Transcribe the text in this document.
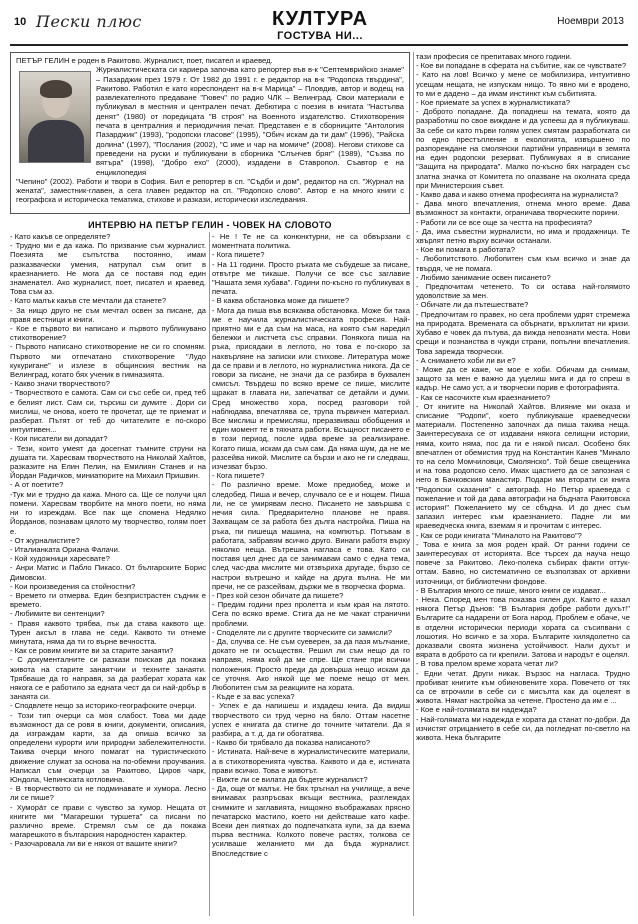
10 Пески плюс	КУЛТУРА
ГОСТУВА НИ...
Ноември 2013
ПЕТЪР ГЕЛИН е роден в Ракитово. Журналист, поет, писател и краевед.
Журналистическата си кариера започва като репортер във в-к "Септемврийско знаме" – Пазарджик през 1979 г. От 1982 до 1991 г. е редактор на в-к "Родопска твърдина", Ракитово. Работил е като кореспондент на в-к Марица" – Пловдив, автор и водещ на развлекателното предаване "Гювеч" по радио ЧЛК – Велинград. Свои материали е публикувал в местния и централен печат. Дебютира с поезия в книгата "Настъпва денят" (1980) от поредицата "В строя" на Военното издателство. Стихотворения печата в централния и периодичния печат. Представен е в сборниците "Антология Пазарджик" (1993), "родопски гласове" (1995), "Обич искам да ти дам" (1996), "Райска долина" (1997), "Послания (2002), "С име и чар на момиче" (2008). Негови стихове са преведени на руски и публикувани в сборника "Слънчев бряг" (1989), "Съзва по вятъра" (1998), "Добро ехо" (2000), издадени в Ставропол. Съавтор е на енциклопедия
"Чепино" (2002). Работи и твори в София. Бил е репортер в сп. "Съдби и дом", редактор на сп. "Журнал на жената", заместник-главен, а сега главен редактор на сп. "Родопско слово". Автор е на много книги с географска и историческа тематика, стихове и разкази, исторически изследвания.
ИНТЕРВЮ НА ПЕТЪР ГЕЛИН - ЧОВЕК НА СЛОВОТО

- Като какъв се определяте?

- Трудно ми е да кажа. По призвание съм журналист. Поезията ме съпътства постоянно, имам разказвачески умения, натрупал съм опит в краезнанието. Не мога да се поставя под един знаменател. Ако журналист, поет, писател и краевед. Това съм аз.

- Като малък какъв сте мечтали да станете?

- За нищо друго не съм мечтал освен за писане, да правя вестници и книги.

- Кое е първото ви написано и първото публикувано стихотворение?

- Първото написано стихотворение не си го спомням. Първото ми отпечатано стихотворение "Лудо кукуригане" и излезе в общинския вестник на Велинград, когато бях ученик в гимназията.

- Какво значи творчеството?

- Творчеството е самота. Сам си със себе си, пред теб е белият лист. Сам си, търсиш си думите . Дори си мислиш, че онова, което те прочетат, ще те приемат и разберат. Пътят от теб до читателите е по-скоро интуитивен...

- Кои писатели ви допадат?

- Тези, които умеят да досегнат тъмните струни на душата ти. Харесвам творчеството на Николай Хайтов, разказите на Елин Пелин, на Емилиян Станев и на Йордан Радичков, миниатюрите на Михаил Пришвин.

- А от поетите?

-Тук ми е трудно да кажа. Много са. Ще се получи цял помени. Харесвам творбите на много поети, но няма ни го изреждам. Все пак ще спомена Недялко Йорданов, познавам цялото му творчество, голям поет е.

- От журналистите?

- Италианката Ориана Фалачи.

- Кой художници харесвате?

- Анри Матис и Пабло Пикасо. От българските Борис Димовски.

- Кои произведения са стойностни?

- Времето ги отмерва. Един безпристрастен съдник е времето.

- Любимите ви сентенции?

- Правя каквото трябва, пък да става каквото ще. Турен аксъл в глава не седи. Каквото ти отнеме минутата, няма да ти го върне вечността.

- Как се ровим книгите ви за старите занаяти?

- С документалните си разкази поискав да покажа живота на старите занаятчии и техните занаяти. Трябваше да го направя, за да разберат хората как някога се е работило за едната чест да си най-добър в занаята си.

- Сподвлете нещо за историко-географските очерци.

- Този тип очерци са моя слабост. Това ми даде възможност да се ровя в книги, документи, описания, да изграждам карти, за да опиша всичко за определени курорти или природни забележителности. Такива очерци много помагат на туристическото движение служат за основа на по-обемни проучвания. Написал съм очерци за Ракитово, Циров чарк, Юндола, Чепинската котловина.

- В творчеството си не подминавате и хумора. Лесно ли се пише?

- Хумора́т се прави с чувство за хумор. Нещата от книгите ми "Магарешки туршета" са писани по различно време. Стремял съм се да покажа магарешкото в българския народностен характер.

- Разочаровала ли ви е някоя от вашите книги?

- Не ! Те не са конюнктурни, не са обвързани с моментната политика.

- Кога пишете?

- На 11 години. Просто ръката ме събудеше за писане, отвътре ме тикаше. Получи се все със заглавие "Нашата земя хубава". Години по-късно го публикувах в печата.

- В каква обстановка може да пишете?

- Мога да пиша във всякаква обстановка. Може би така ме е научила журналистическата професия. Най-приятно ми е да съм на маса, на която съм наредил бележки и листчета със справки. Понякога пиша на ръка, присядаки в леглото, но това е по-скоро за нахвърляне на записки или стихове. Литературa може да се прави и в леглото, но журналистика никога. Да се говори за писане, не значи да се разбира в буквален смисъл. Твърдеш по всяко време се пише, мислите щракат в главата ни, запечатват се детайли и думи. Сред множество хора, посред разговори той наблюдава, впечатлява се, трупа първичен материал. Все мислиш и премисляш, преразвиваш обобщения и един момент те в тяхната работи. Всъщност писането е в този период, после идва време за реализиране. Когато пиша, искам да съм сам. Да няма шум, да не ме разсейва никой. Мислите са бързи и ако не ги следваш, изчезват бързо.

- Кога пишете?

- По различно време. Може предиобед, може и следобед. Пиша и вечер, случвало се е и нощем. Пиша ли, не се умирявам лесно. Писането не завършва с нечия сила. Предварително планове не правя. Захващам се за работа без дълга настройка. Пиша на ръка, пи пишеща машина, на компютър. Потъвам в работата, забравям всичко друго. Винаги работя върху няколко неща. Вътрешна нагласа е това. Като си поставя цел днес да се занимавам само с една тема, след час-два мислите ми отзвъриха другаде, бързо се настрои вътрешно и хайде на друга вълна. Не ми пречи, не се разсейвам, държи ме в творческа форма.

- През кой сезон обичате да пишете?

- Предим години през пролетта и към края на лятото. Сега по всяко време. Стига да не ме чакат странични проблеми.

- Сподeляте ли с другите творческите си замисли?

- Да, случва се. Не съм суеверен, за да пазя мълчание, докато не ги осъществя. Решил ли съм нещо да го направя, няма кой да ме спре. Ще стане при всички положения. Просто преди да довърша нещо искам да се уточня. Ако някой ще ме поеме нещо от мен. Любопитен съм за реакциите на хората.

- Къде е за вас успеха?

- Успех е да напишеш и издадеш книга. Да видиш творчеството си труд черно на бяло. Оттам насетне успех е книгата да стигне до точните читатели. Да я разбира, а т. д. да ги обогатява.

- Какво би трябвало да показва написаното?

- Истината. Най-вече в журналистическите материали, а в стихотворенията чувства. Каквото и да е, истината прави всичко. Това е животът.

- Вижте ли се вилата да бъдете журналист?

- Да, още от малък. Не бях тръгнал на училище, а вече внимавах разпръсвах вкъщи вестника, разглеждах снимките и заглавията, нищожно въображавах прясно печатарско мастило, което ни действаше като кафе. Всеки ден пиятках до подпечатката купи, за да взема първа вестника. Колкото повече растях, толкова се усилваше желанието ми да бъда журналист. Впоследствие с

тази професия се препитавах много години.

- Кое ви попадане в сферата на събитие, как се чувствате?

- Като на лов! Всичко у мене се мобилизира, интуитивно усещам нещата, не изпускам нищо. То явно ми е вродено, то ми е дадено – да имам инстинкт към събитията.

- Кое приемате за успех в журналистиката?

- Доброто попадане. Да попаднеш на темата, която да разработиш по свое виждане и да успееш да я публикуваш. За себе си като първи голям успех смятам разработката си по едно престъпление в екологията, извършено по разпореждане на смолянски партийни управници в земята на един родопски резерват. Публикувах я в списание "Защита на природата". Малко по-късно бях награден със златна значка от Комитета по опазване на околната среда при Министерския съвет.

- Какво дава и какво отнема професията на журналиста?

- Дава много впечатления, отнема много време. Дава възможност за контакти, ограничава творческите порини.

- Работи ли се все още за честта на професията?

- Да, има съвестни журналисти, но има и продажници. Те хвърлят петно върху всички останали.

- Кое ви помага в работата?

- Любопитството. Любопитен съм към всичко и знае да твърдя, че не помага.

- Любимо занимание освен писането?

- Предпочитам четенето. То си остава най-голямото удоволствие за мен.

- Обичате ли да пътешествате?

- Предпочитам го правех, но сега проблеми удрят стремежа на природата. Времената са обърнати, връхлитат ни кризи. Хубаво е човек да пътува, да вижда непознати места. Нови срещи и познанства в чужди страни, попълни впечатления. Това зарежда творчески.

- А снимането хоби ли ви е?

- Може да се каже, че мое е хоби. Обичам да снимам, защото за мен е важно да уцелиш мига и да го спреш в кадър. Не само уст, а и творчески порив е фотографията.

- Как се насочихте към краезнанието?

- От книгите на Николай Хайтов. Влияние ми оказа и списание "Родопи", което публикуваше краеведчески материали. Постепенно започнах да пиша такива неща. Заинтересуваха се от издавани някога селищни истории, няма, които няма, пос да ги е някой писал. Особено бях впечатлен от обемистия труд на Константин Канев "Минало то на село Момчиловци, Смолянско". Той беше свещеника и на това родопско село. Имах щастието да се запозная с него в Бачковския манастир. Подари ми вторати си книга "Родопски сказания" с автограф. Но Петър краеведа с пожелание и той да дава автографи на бъдната Ракитовска история!" Пожеланието му се сбъдна. И до днес съм запазил интерес към краезнанието. Падне ли ми краеведческа книга, вземам я и прочитам с интерес.

- Как се роди книгата "Миналото на Ракитово"?

- Това е книга за моя роден край. От ранни години се заинтересувах от историята. Все търсех да науча нещо повече за Ракитово. Леко-полека събирах факти оттук-оттам. Бавно, но систематично се възползвах от архивни източници, от библиотечни фондове.

- В България много се пише, много книги се издават...

- Нека. Според мен това показва силен дух. Както е казал някога Петър Дънов: "В България добре работи духът!" Българите са надарени от Бога народ. Проблем е обаче, че в отделни исторически периоди хората са съсипвани с лошотия. Но всичко е за хора. Българите хилядолетно са доказвали своята жизнена устойчивост. Нали духът и вярата в доброто са ги крепили. Затова и народът е оцелял.

- В това прелом време хората четат ли?

- Едни четат. Други никак. Вързос на нагласа. Трудно пробиват книгите към обикновените хора. Повечето от тях са се втрочили в себе си с мисълта как да оцелеят в живота. Нямат настройка за четене. Простено да им е ...

- Кое е най-голямата ви надежда?

- Най-голямата ми надежда е хората да станат по-добри. Да изчистят отрицанието в себе си, да погледнат по-светло на живота. Нека българите
